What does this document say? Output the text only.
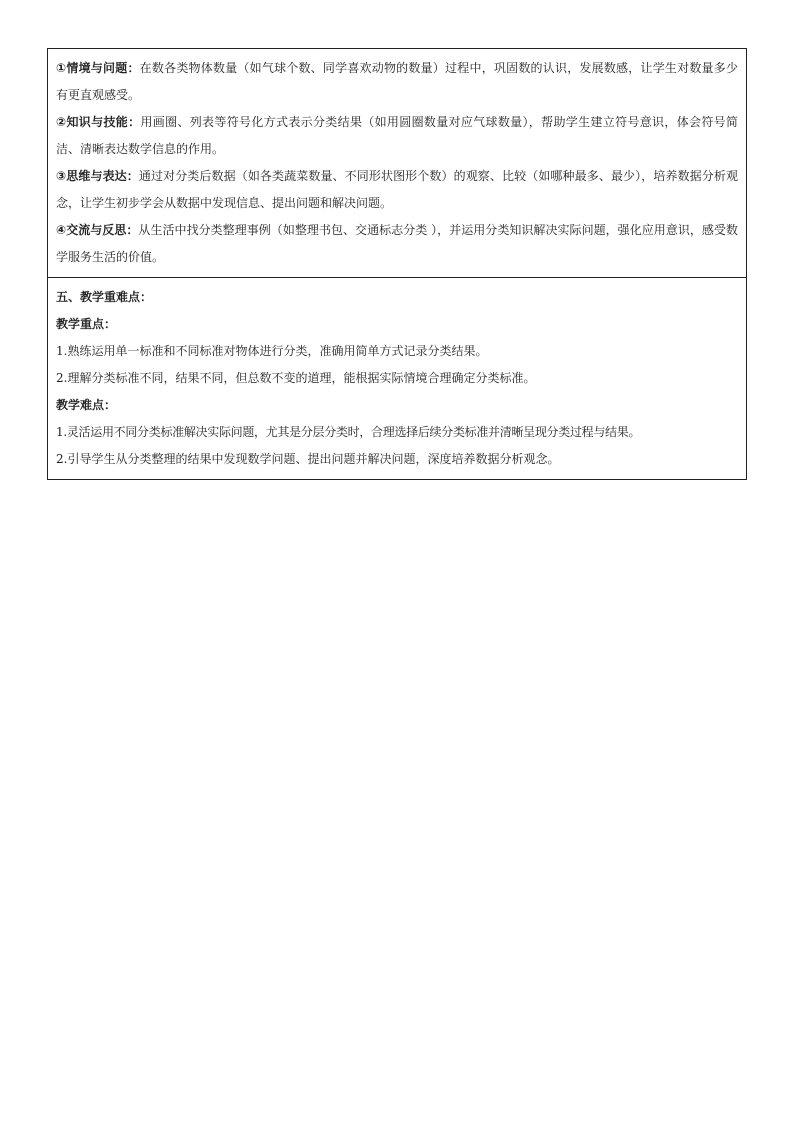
①情境与问题：在数各类物体数量（如气球个数、同学喜欢动物的数量）过程中，巩固数的认识，发展数感，让学生对数量多少有更直观感受。

②知识与技能：用画圈、列表等符号化方式表示分类结果（如用圆圈数量对应气球数量），帮助学生建立符号意识，体会符号简洁、清晰表达数学信息的作用。

③思维与表达：通过对分类后数据（如各类蔬菜数量、不同形状图形个数）的观察、比较（如哪种最多、最少），培养数据分析观念，让学生初步学会从数据中发现信息、提出问题和解决问题。

④交流与反思：从生活中找分类整理事例（如整理书包、交通标志分类 ），并运用分类知识解决实际问题，强化应用意识，感受数学服务生活的价值。

五、教学重难点：

教学重点：

1.熟练运用单一标准和不同标准对物体进行分类，准确用简单方式记录分类结果。

2.理解分类标准不同，结果不同，但总数不变的道理，能根据实际情境合理确定分类标准。

教学难点：

1.灵活运用不同分类标准解决实际问题，尤其是分层分类时，合理选择后续分类标准并清晰呈现分类过程与结果。

2.引导学生从分类整理的结果中发现数学问题、提出问题并解决问题，深度培养数据分析观念。
